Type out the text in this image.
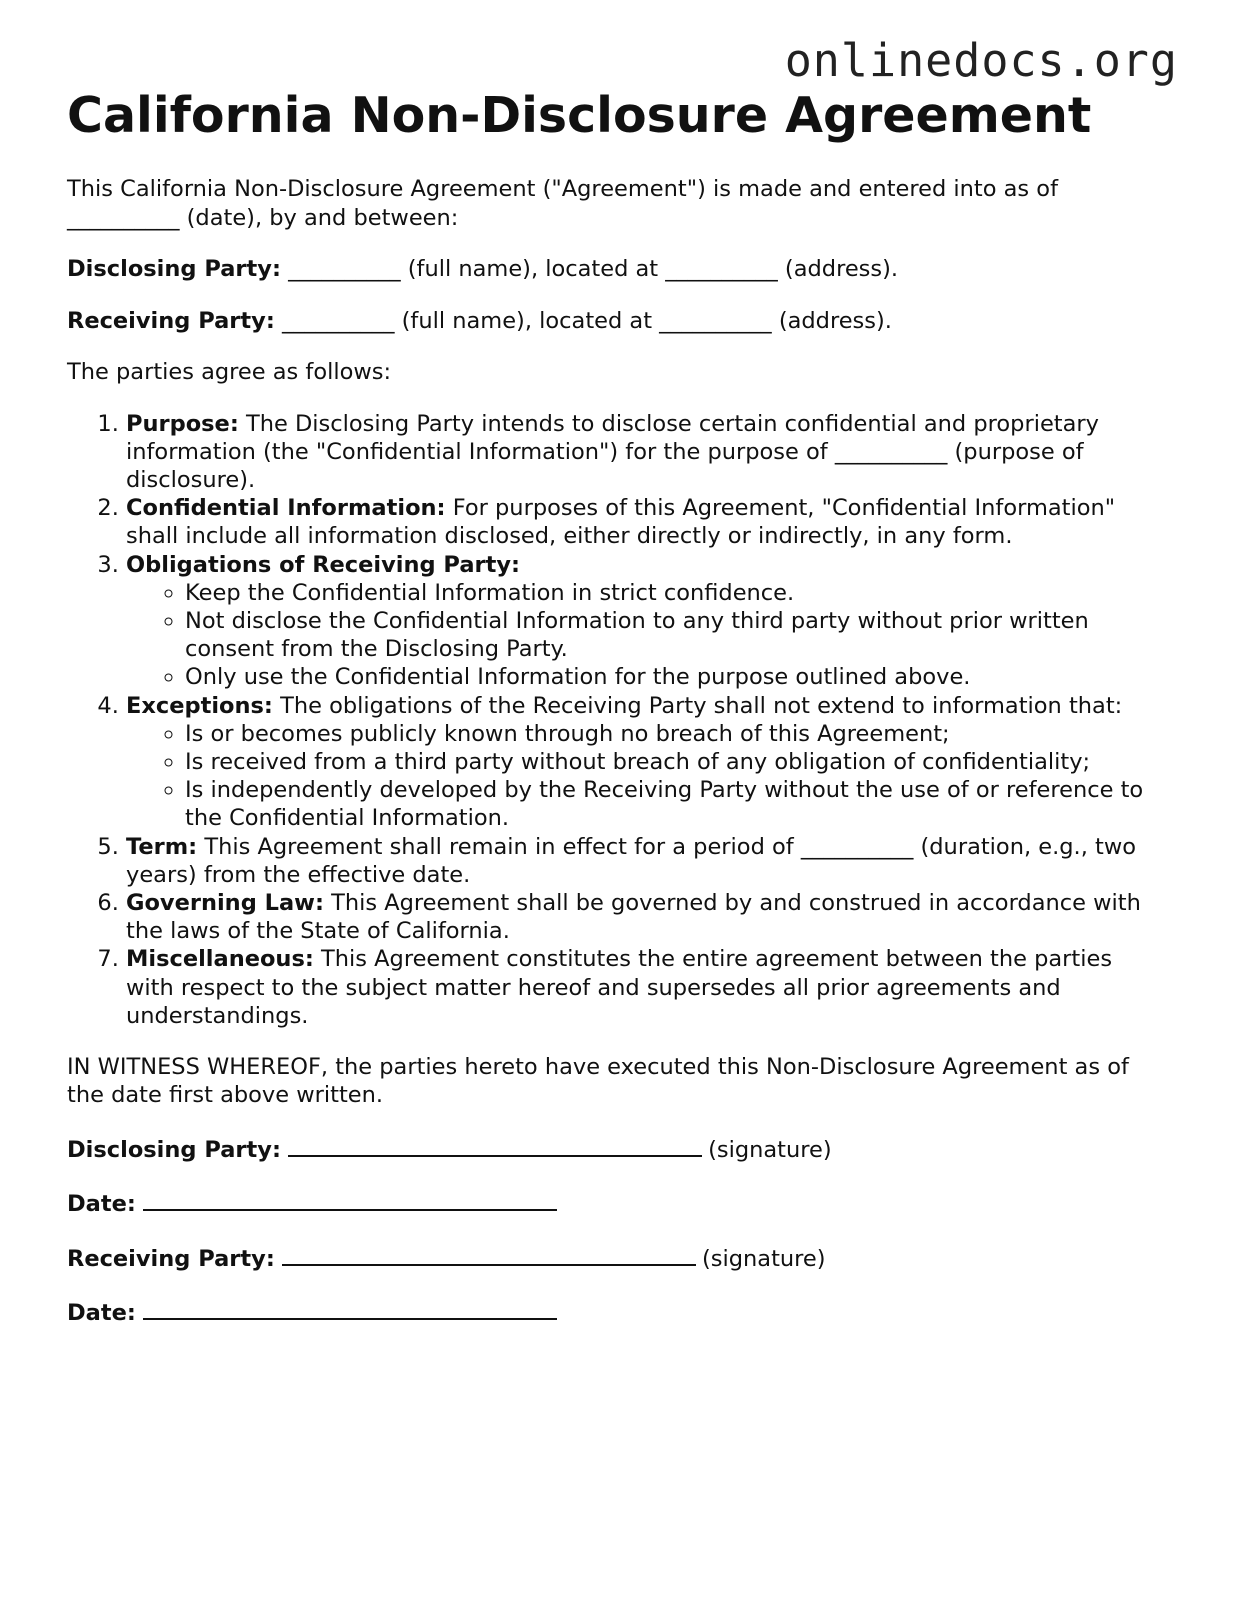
onlinedocs.org
California Non-Disclosure Agreement

This California Non-Disclosure Agreement ("Agreement") is made and entered into as of __________ (date), by and between:

Disclosing Party: __________ (full name), located at __________ (address).

Receiving Party: __________ (full name), located at __________ (address).

The parties agree as follows:

1. Purpose: The Disclosing Party intends to disclose certain confidential and proprietary information (the "Confidential Information") for the purpose of __________ (purpose of disclosure).
2. Confidential Information: For purposes of this Agreement, "Confidential Information" shall include all information disclosed, either directly or indirectly, in any form.
3. Obligations of Receiving Party:
◦ Keep the Confidential Information in strict confidence.
◦ Not disclose the Confidential Information to any third party without prior written consent from the Disclosing Party.
◦ Only use the Confidential Information for the purpose outlined above.
4. Exceptions: The obligations of the Receiving Party shall not extend to information that:
◦ Is or becomes publicly known through no breach of this Agreement;
◦ Is received from a third party without breach of any obligation of confidentiality;
◦ Is independently developed by the Receiving Party without the use of or reference to the Confidential Information.
5. Term: This Agreement shall remain in effect for a period of __________ (duration, e.g., two years) from the effective date.
6. Governing Law: This Agreement shall be governed by and construed in accordance with the laws of the State of California.
7. Miscellaneous: This Agreement constitutes the entire agreement between the parties with respect to the subject matter hereof and supersedes all prior agreements and understandings.

IN WITNESS WHEREOF, the parties hereto have executed this Non-Disclosure Agreement as of the date first above written.

Disclosing Party:	(signature)

Date:

Receiving Party:	(signature)

Date:
